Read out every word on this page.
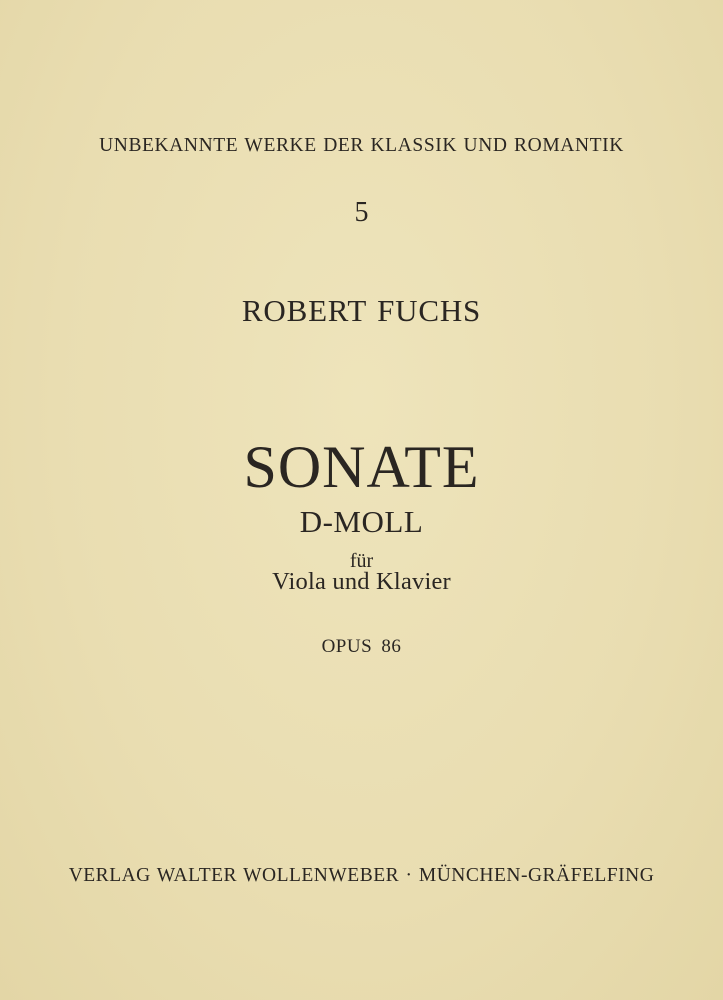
UNBEKANNTE WERKE DER KLASSIK UND ROMANTIK
5
ROBERT FUCHS
SONATE
D-MOLL
für
Viola und Klavier
OPUS 86
VERLAG WALTER WOLLENWEBER · MÜNCHEN-GRÄFELFING
